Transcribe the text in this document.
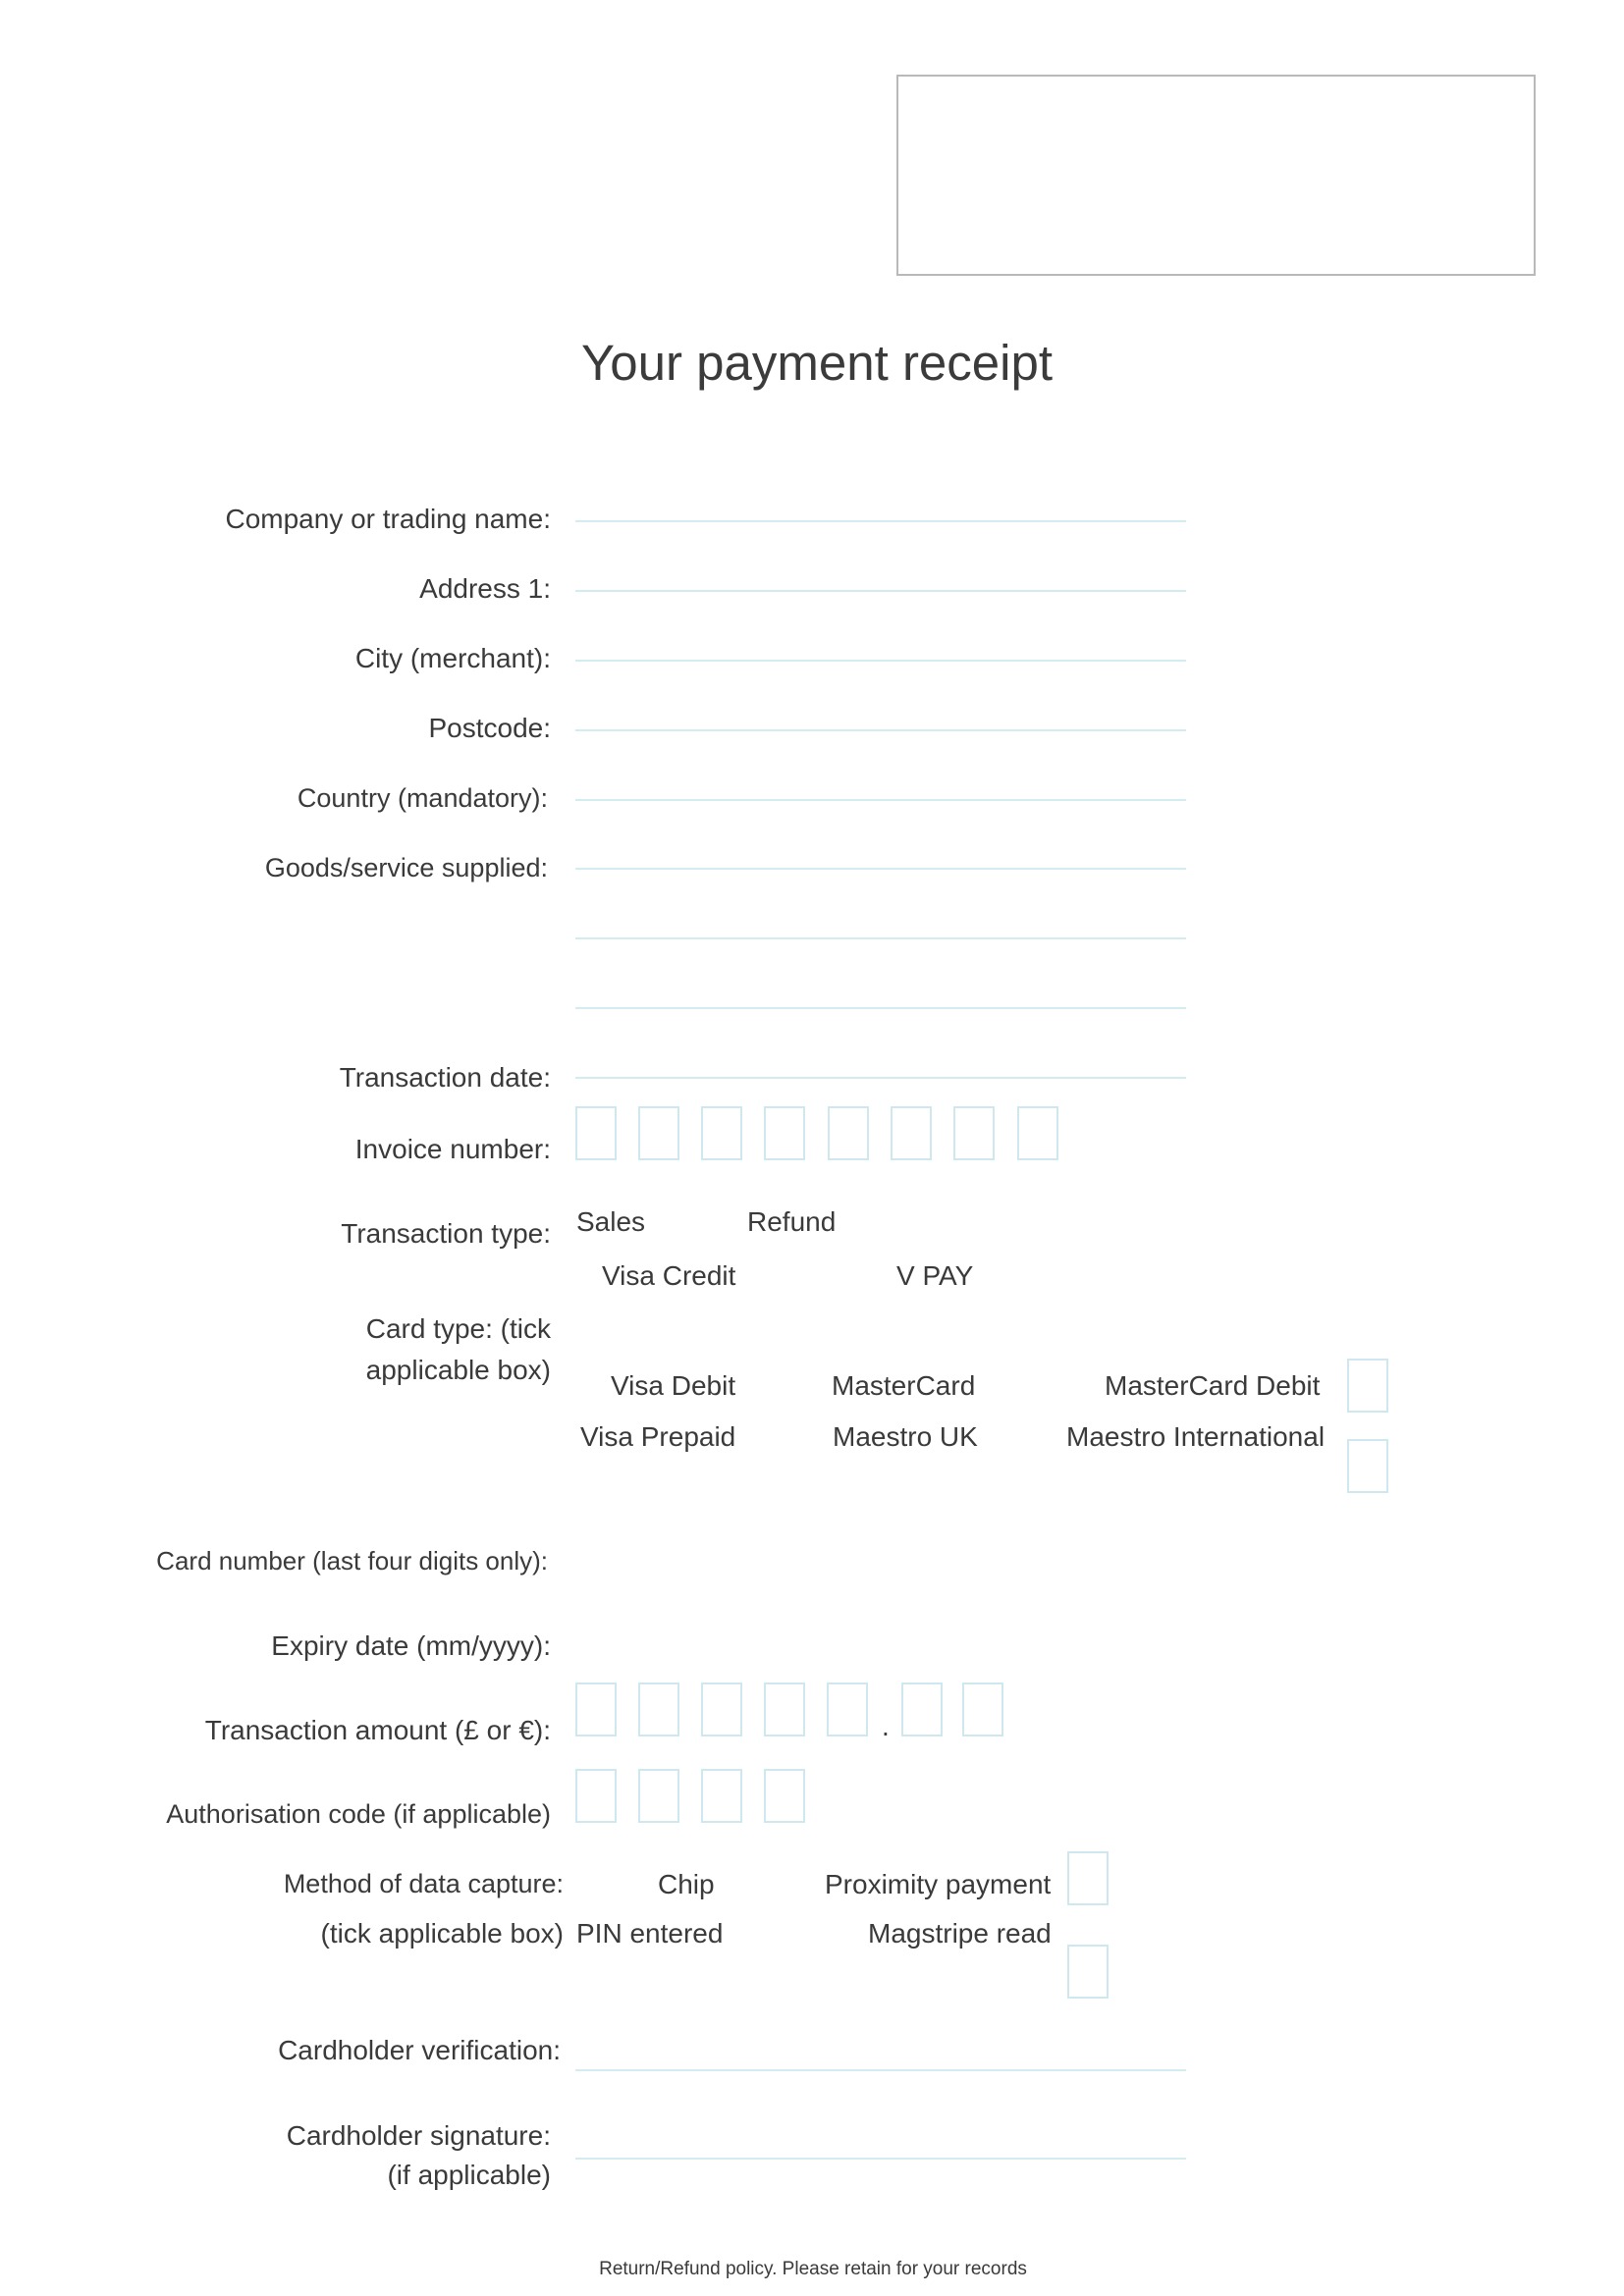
Your payment receipt
Company or trading name:
Address 1:
City (merchant):
Postcode:
Country (mandatory):
Goods/service supplied:
Transaction date:
Invoice number:
Transaction type: Sales	Refund
Card type: (tick
applicable box)
Visa Credit	V PAY
Visa Debit	MasterCard	MasterCard Debit
Visa Prepaid	Maestro UK	Maestro International
Card number (last four digits only):
Expiry date (mm/yyyy):
Transaction amount (£ or €):	.
Authorisation code (if applicable)
Method of data capture:
(tick applicable box)
Chip	Proximity payment
PIN entered	Magstripe read
Cardholder verification:
Cardholder signature:
(if applicable)
Return/Refund policy. Please retain for your records
